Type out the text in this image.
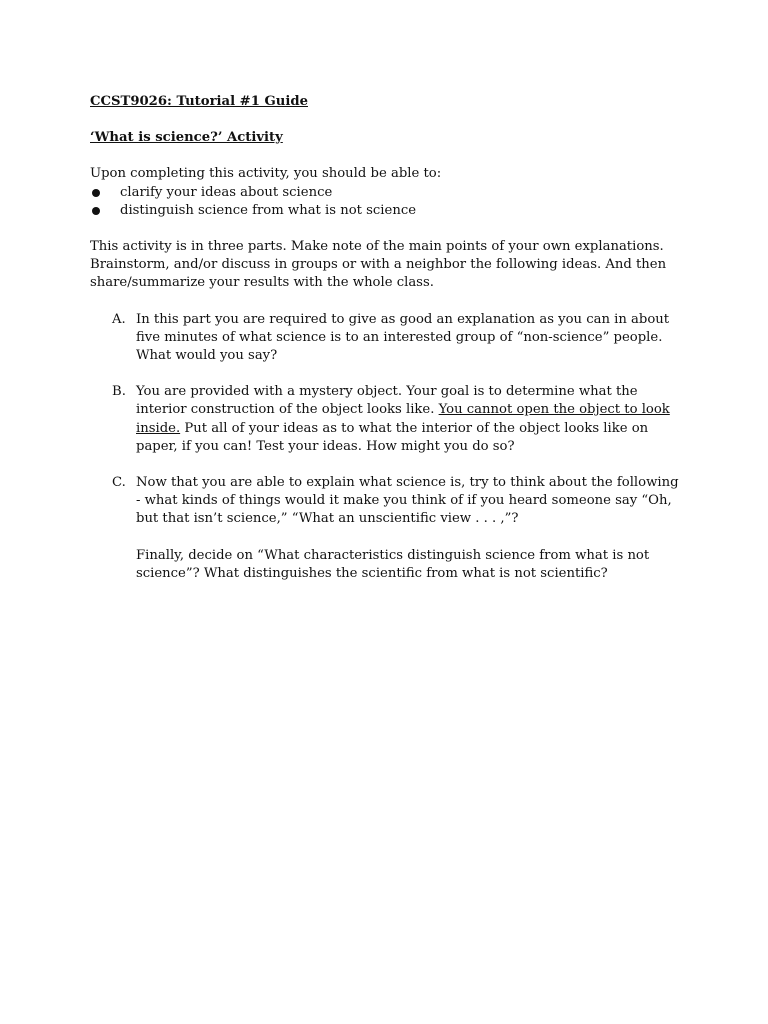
CCST9026: Tutorial #1 Guide

‘What is science?’ Activity

Upon completing this activity, you should be able to:

clarify your ideas about science
distinguish science from what is not science

This activity is in three parts. Make note of the main points of your own explanations. Brainstorm, and/or discuss in groups or with a neighbor the following ideas. And then share/summarize your results with the whole class.

A. In this part you are required to give as good an explanation as you can in about five minutes of what science is to an interested group of “non-science” people. What would you say?
B. You are provided with a mystery object. Your goal is to determine what the interior construction of the object looks like. You cannot open the object to look inside. Put all of your ideas as to what the interior of the object looks like on paper, if you can! Test your ideas. How might you do so?
C. Now that you are able to explain what science is, try to think about the following - what kinds of things would it make you think of if you heard someone say “Oh, but that isn’t science,” “What an unscientific view . . . ,”?

Finally, decide on “What characteristics distinguish science from what is not science”? What distinguishes the scientific from what is not scientific?
